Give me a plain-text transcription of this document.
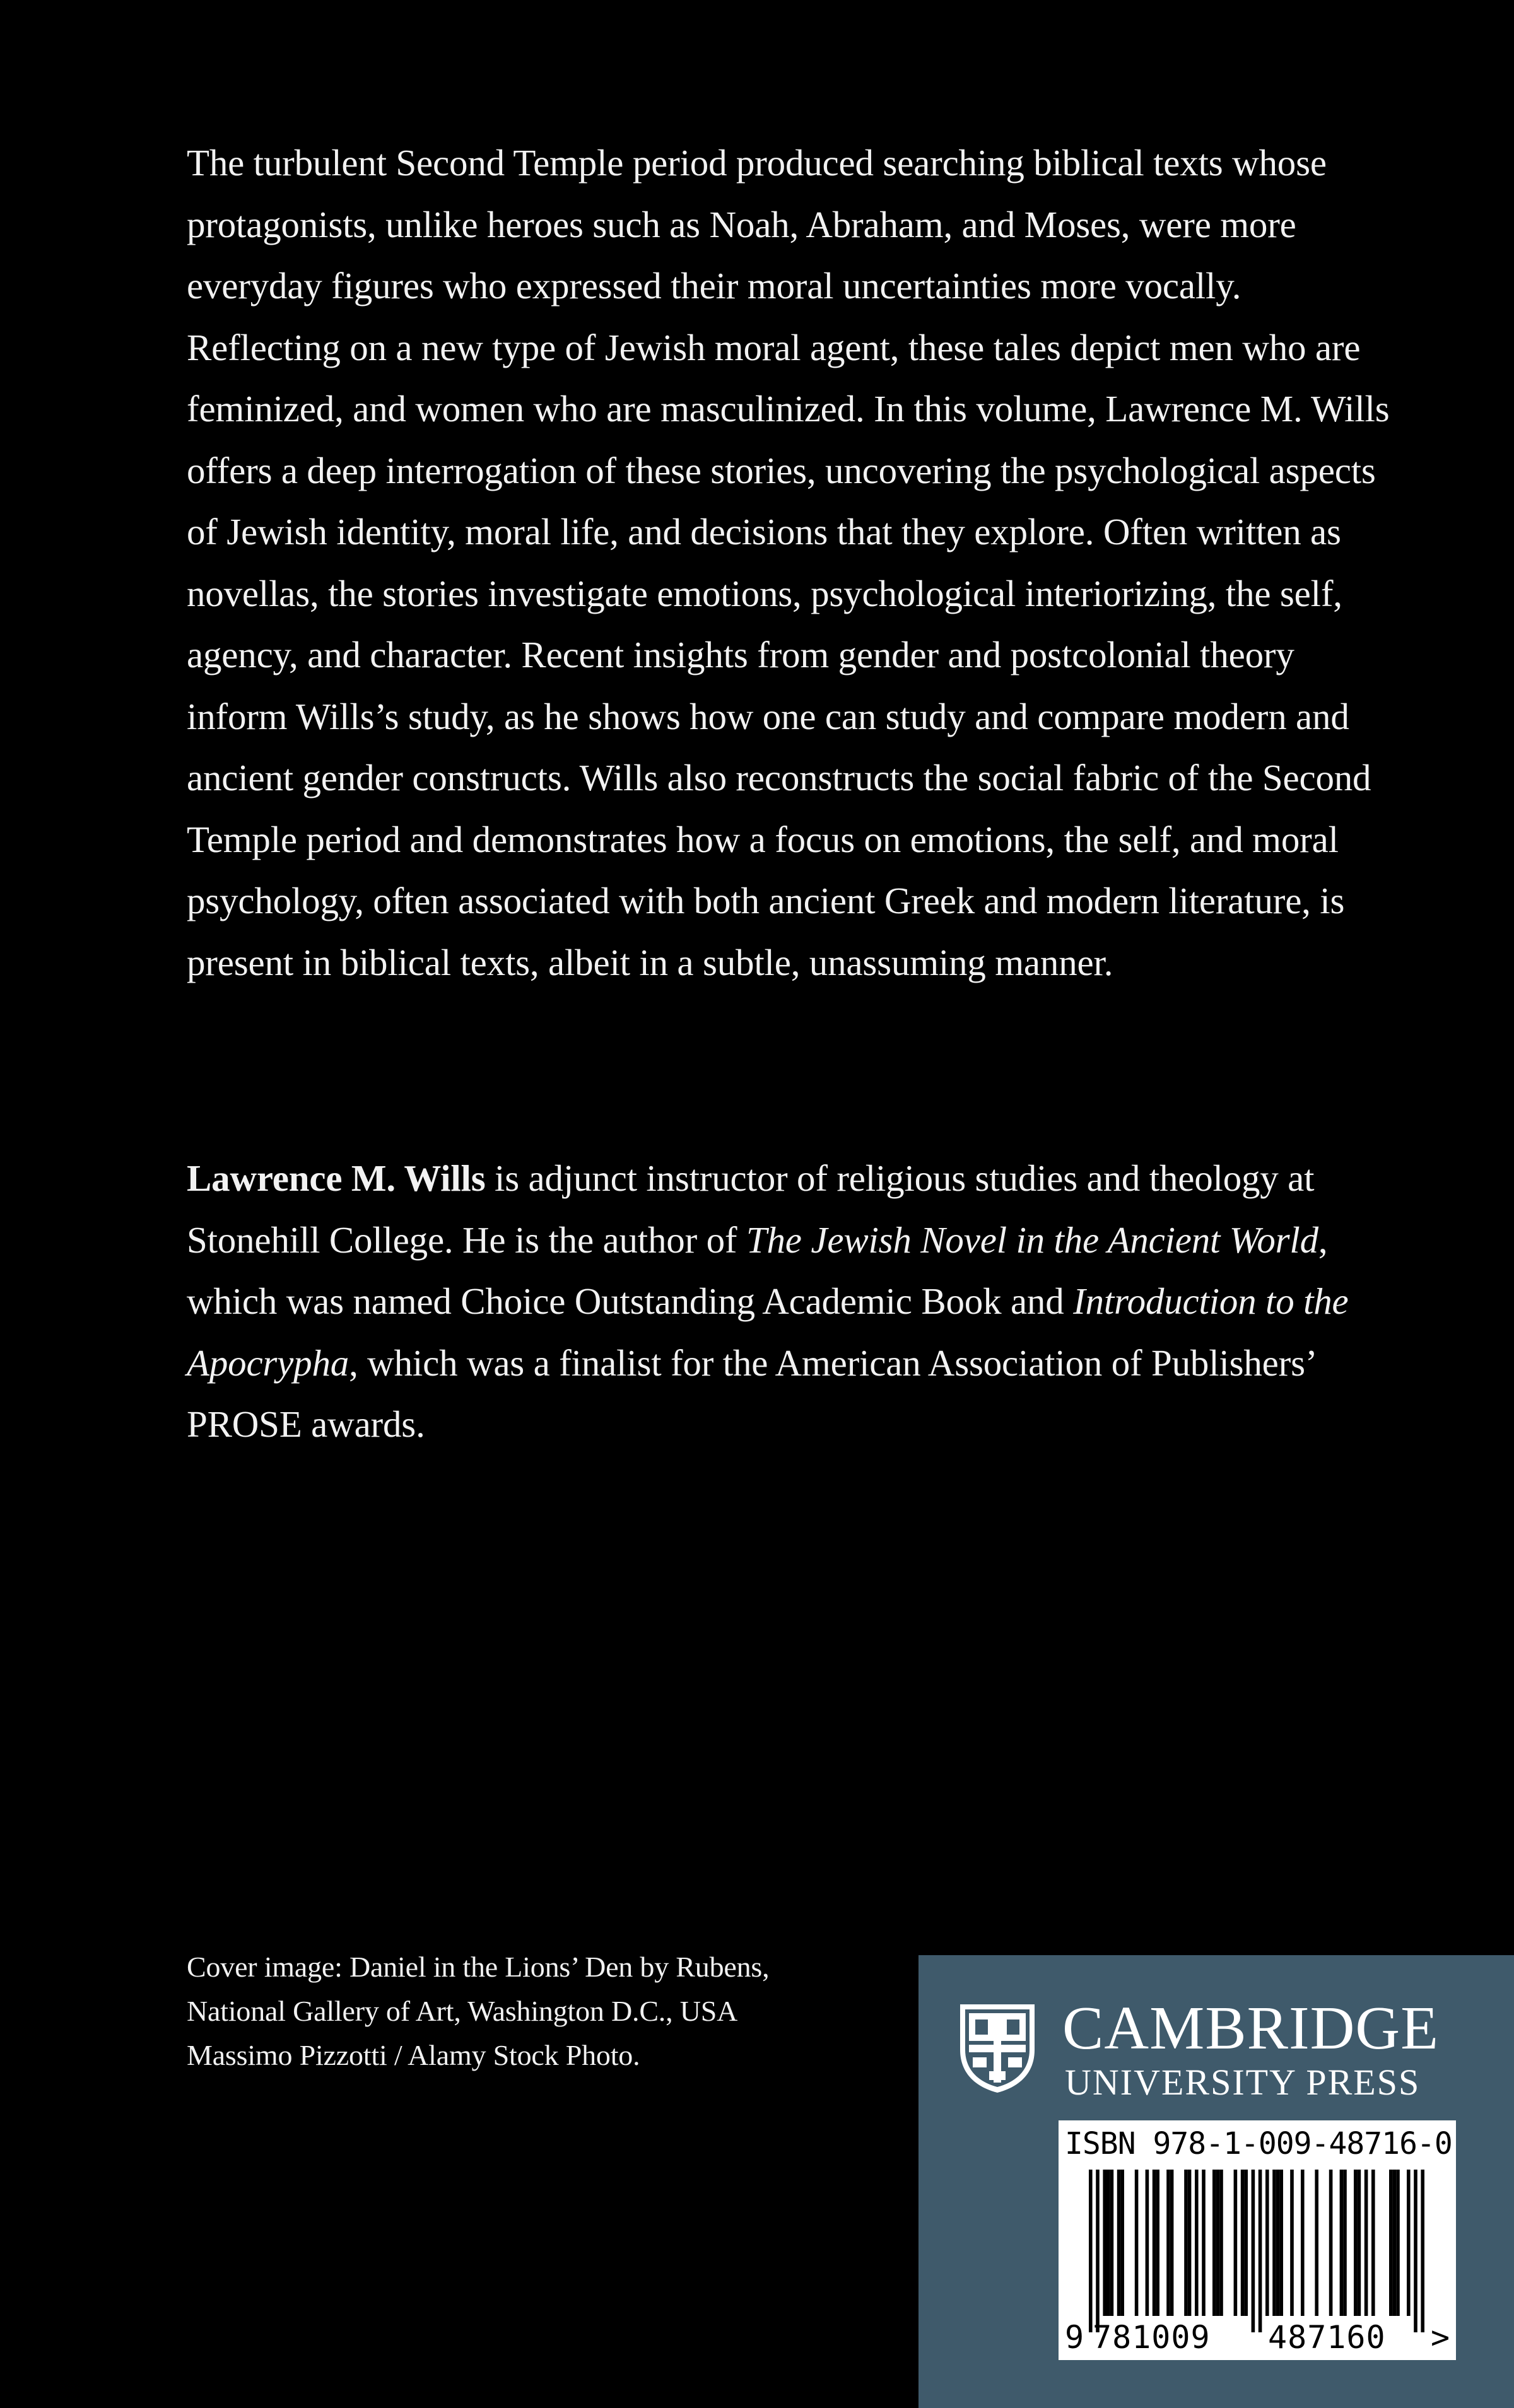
The turbulent Second Temple period produced searching biblical texts whose protagonists, unlike heroes such as Noah, Abraham, and Moses, were more everyday figures who expressed their moral uncertainties more vocally. Reflecting on a new type of Jewish moral agent, these tales depict men who are feminized, and women who are masculinized. In this volume, Lawrence M. Wills offers a deep interrogation of these stories, uncovering the psychological aspects of Jewish identity, moral life, and decisions that they explore. Often written as novellas, the stories investigate emotions, psychological interiorizing, the self, agency, and character. Recent insights from gender and postcolonial theory inform Wills’s study, as he shows how one can study and compare modern and ancient gender constructs. Wills also reconstructs the social fabric of the Second Temple period and demonstrates how a focus on emotions, the self, and moral psychology, often associated with both ancient Greek and modern literature, is present in biblical texts, albeit in a subtle, unassuming manner.

Lawrence M. Wills is adjunct instructor of religious studies and theology at Stonehill College. He is the author of The Jewish Novel in the Ancient World, which was named Choice Outstanding Academic Book and Introduction to the Apocrypha, which was a finalist for the American Association of Publishers’ PROSE awards.

Cover image: Daniel in the Lions’ Den by Rubens, National Gallery of Art, Washington D.C., USA Massimo Pizzotti / Alamy Stock Photo.	CAMBRIDGE
UNIVERSITY PRESS
ISBN 978-1-009-48716-0
9 781009 487160 >
